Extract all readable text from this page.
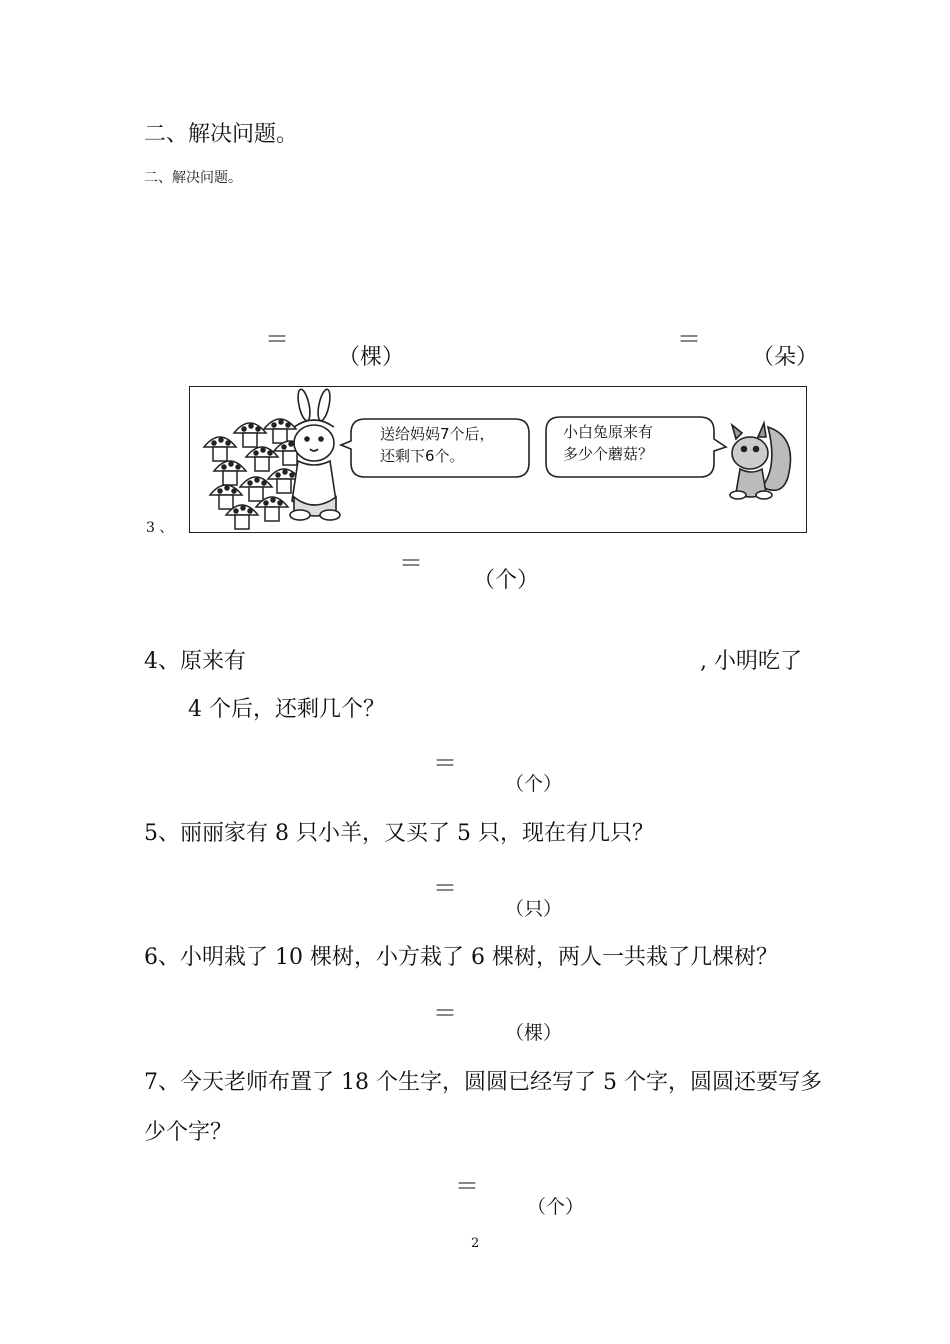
二、解决问题。
二、解决问题。
＝
（棵）
＝
（朵）
3 、
送给妈妈7个后，
还剩下6个。
小白兔原来有
多少个蘑菇？
＝
（个）
4、原来有	, 小明吃了
4 个后，还剩几个？
＝
（个）
5、丽丽家有 8 只小羊，又买了 5 只，现在有几只？
＝
（只）
6、小明栽了 10 棵树，小方栽了 6 棵树，两人一共栽了几棵树？
＝
（棵）
7、今天老师布置了 18 个生字，圆圆已经写了 5 个字，圆圆还要写多
少个字？
＝
（个）
2
